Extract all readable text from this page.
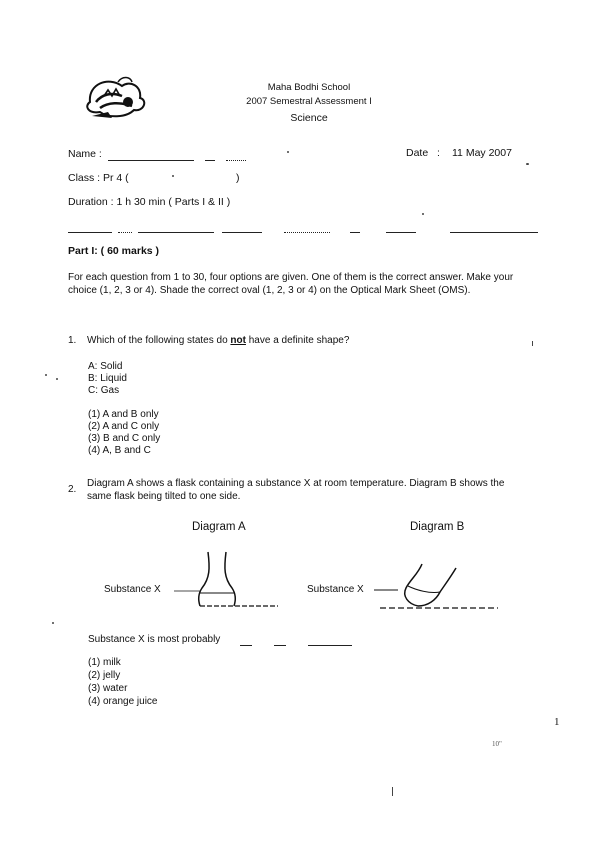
Maha Bodhi School
2007 Semestral Assessment I
Science
Name :	Date : 11 May 2007
Class : Pr 4 (	)
Duration : 1 h 30 min ( Parts I & II )
Part I: ( 60 marks )
For each question from 1 to 30, four options are given. One of them is the correct answer. Make your choice (1, 2, 3 or 4). Shade the correct oval (1, 2, 3 or 4) on the Optical Mark Sheet (OMS).
1. Which of the following states do not have a definite shape?
A: Solid
B: Liquid
C: Gas
(1) A and B only
(2) A and C only
(3) B and C only
(4) A, B and C
2.
Diagram A shows a flask containing a substance X at room temperature. Diagram B shows the
same flask being tilted to one side.
Diagram A	Diagram B
Substance X	Substance X
Substance X is most probably
(1) milk
(2) jelly
(3) water
(4) orange juice
1
10"
